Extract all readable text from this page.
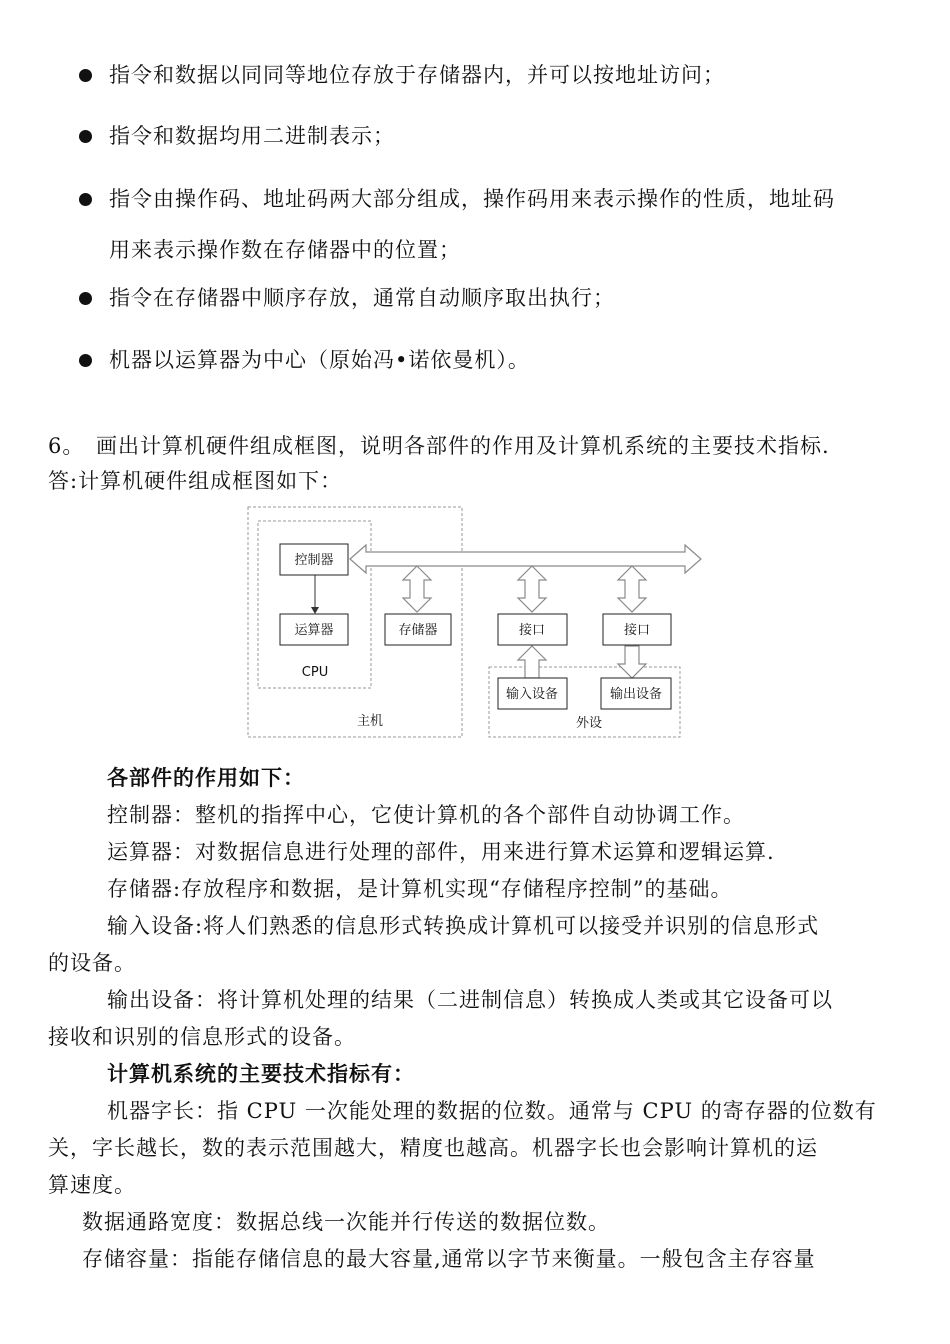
指令和数据以同同等地位存放于存储器内，并可以按地址访问；
指令和数据均用二进制表示；
指令由操作码、地址码两大部分组成，操作码用来表示操作的性质，地址码
用来表示操作数在存储器中的位置；
指令在存储器中顺序存放，通常自动顺序取出执行；
机器以运算器为中心（原始冯•诺依曼机）。
6。 画出计算机硬件组成框图，说明各部件的作用及计算机系统的主要技术指标.
答:计算机硬件组成框图如下：
控制器
运算器
CPU
存储器	接口	接口
输入设备	输出设备
主机	外设
各部件的作用如下：
控制器：整机的指挥中心，它使计算机的各个部件自动协调工作。
运算器：对数据信息进行处理的部件，用来进行算术运算和逻辑运算.
存储器:存放程序和数据，是计算机实现“存储程序控制”的基础。
输入设备:将人们熟悉的信息形式转换成计算机可以接受并识别的信息形式
的设备。
输出设备：将计算机处理的结果（二进制信息）转换成人类或其它设备可以
接收和识别的信息形式的设备。
计算机系统的主要技术指标有：
机器字长：指 CPU 一次能处理的数据的位数。通常与 CPU 的寄存器的位数有
关，字长越长，数的表示范围越大，精度也越高。机器字长也会影响计算机的运
算速度。
数据通路宽度：数据总线一次能并行传送的数据位数。
存储容量：指能存储信息的最大容量,通常以字节来衡量。一般包含主存容量
